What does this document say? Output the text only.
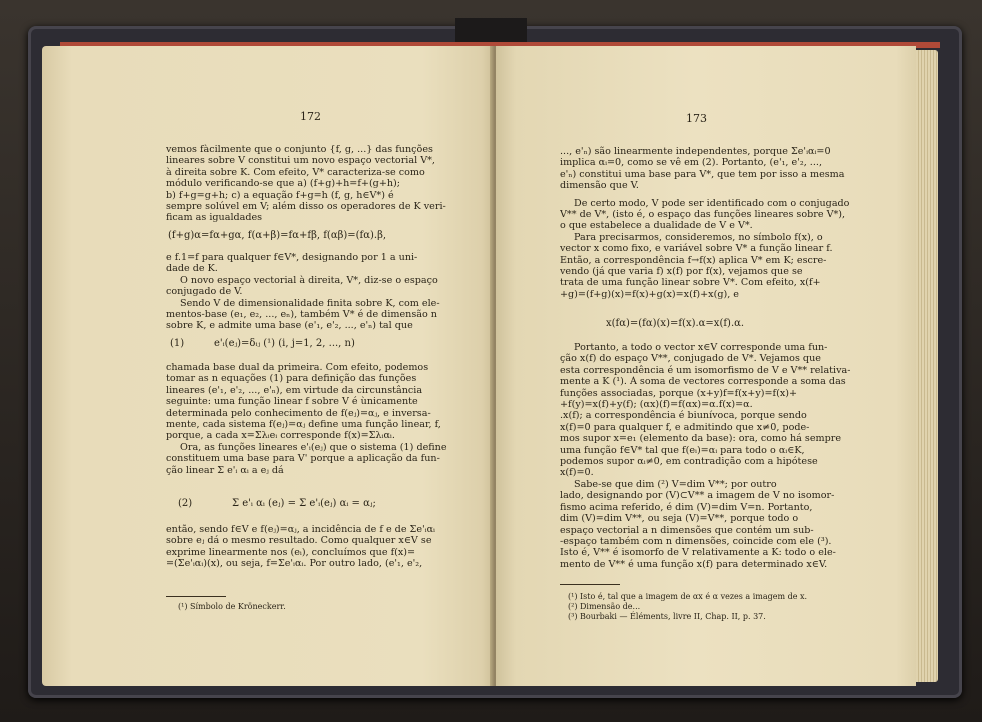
172
vemos fàcilmente que o conjunto {f, g, ...} das funções
lineares sobre V constitui um novo espaço vectorial V*,
à direita sobre K. Com efeito, V* caracteriza-se como
módulo verificando-se que a) (f+g)+h=f+(g+h);
b) f+g=g+h; c) a equação f+g=h (f, g, h∈V*) é
sempre solúvel em V; além disso os operadores de K veri-
ficam as igualdades
(f+g)α=fα+gα, f(α+β)=fα+fβ, f(αβ)=(fα).β,
e f.1=f para qualquer f∈V*, designando por 1 a uni-
dade de K.
O novo espaço vectorial à direita, V*, diz-se o espaço
conjugado de V.
Sendo V de dimensionalidade finita sobre K, com ele-
mentos-base (e₁, e₂, ..., eₙ), também V* é de dimensão n
sobre K, e admite uma base (e'₁, e'₂, ..., e'ₙ) tal que
(1)	e'ᵢ(eⱼ)=δᵢⱼ (¹) (i, j=1, 2, ..., n)
chamada base dual da primeira. Com efeito, podemos
tomar as n equações (1) para definição das funções
lineares (e'₁, e'₂, ..., e'ₙ), em virtude da circunstância
seguinte: uma função linear f sobre V é ùnicamente
determinada pelo conhecimento de f(eⱼ)=αⱼ, e inversa-
mente, cada sistema f(eⱼ)=αⱼ define uma função linear, f,
porque, a cada x=Σλᵢeᵢ corresponde f(x)=Σλᵢαᵢ.
Ora, as funções lineares e'ᵢ(eⱼ) que o sistema (1) define
constituem uma base para V' porque a aplicação da fun-
ção linear Σ e'ᵢ αᵢ a eⱼ dá
(2)	Σ e'ᵢ αᵢ (eⱼ) = Σ e'ᵢ(eⱼ) αᵢ = αⱼ;
então, sendo f∈V e f(eⱼ)=αⱼ, a incidência de f e de Σe'ᵢαᵢ
sobre eⱼ dá o mesmo resultado. Como qualquer x∈V se
exprime linearmente nos (eᵢ), concluímos que f(x)=
=(Σe'ᵢαᵢ)(x), ou seja, f=Σe'ᵢαᵢ. Por outro lado, (e'₁, e'₂,
(¹) Símbolo de Kröneckerr.
173
..., e'ₙ) são linearmente independentes, porque Σe'ᵢαᵢ=0
implica αᵢ=0, como se vê em (2). Portanto, (e'₁, e'₂, ...,
e'ₙ) constitui uma base para V*, que tem por isso a mesma
dimensão que V.
De certo modo, V pode ser identificado com o conjugado
V** de V*, (isto é, o espaço das funções lineares sobre V*),
o que estabelece a dualidade de V e V*.
Para precisarmos, consideremos, no símbolo f(x), o
vector x como fixo, e variável sobre V* a função linear f.
Então, a correspondência f→f(x) aplica V* em K; escre-
vendo (já que varia f) x(f) por f(x), vejamos que se
trata de uma função linear sobre V*. Com efeito, x(f+
+g)=(f+g)(x)=f(x)+g(x)=x(f)+x(g), e
x(fα)=(fα)(x)=f(x).α=x(f).α.
Portanto, a todo o vector x∈V corresponde uma fun-
ção x(f) do espaço V**, conjugado de V*. Vejamos que
esta correspondência é um isomorfismo de V e V** relativa-
mente a K (¹). À soma de vectores corresponde a soma das
funções associadas, porque (x+y)f=f(x+y)=f(x)+
+f(y)=x(f)+y(f); (αx)(f)=f(αx)=α.f(x)=α.
.x(f); a correspondência é biunívoca, porque sendo
x(f)=0 para qualquer f, e admitindo que x≠0, pode-
mos supor x=e₁ (elemento da base): ora, como há sempre
uma função f∈V* tal que f(eᵢ)=αᵢ para todo o αᵢ∈K,
podemos supor αᵢ≠0, em contradição com a hipótese
x(f)=0.
Sabe-se que dim (²) V=dim V**; por outro
lado, designando por (V)⊂V** a imagem de V no isomor-
fismo acima referido, é dim (V)=dim V=n. Portanto,
dim (V)=dim V**, ou seja (V)=V**, porque todo o
espaço vectorial a n dimensões que contém um sub-
-espaço também com n dimensões, coincide com ele (³).
Isto é, V** é isomorfo de V relativamente a K: todo o ele-
mento de V** é uma função x(f) para determinado x∈V.
(¹) Isto é, tal que a imagem de αx é α vezes a imagem de x.
(²) Dimensão de...
(³) Bourbaki — Éléments, livre II, Chap. II, p. 37.
